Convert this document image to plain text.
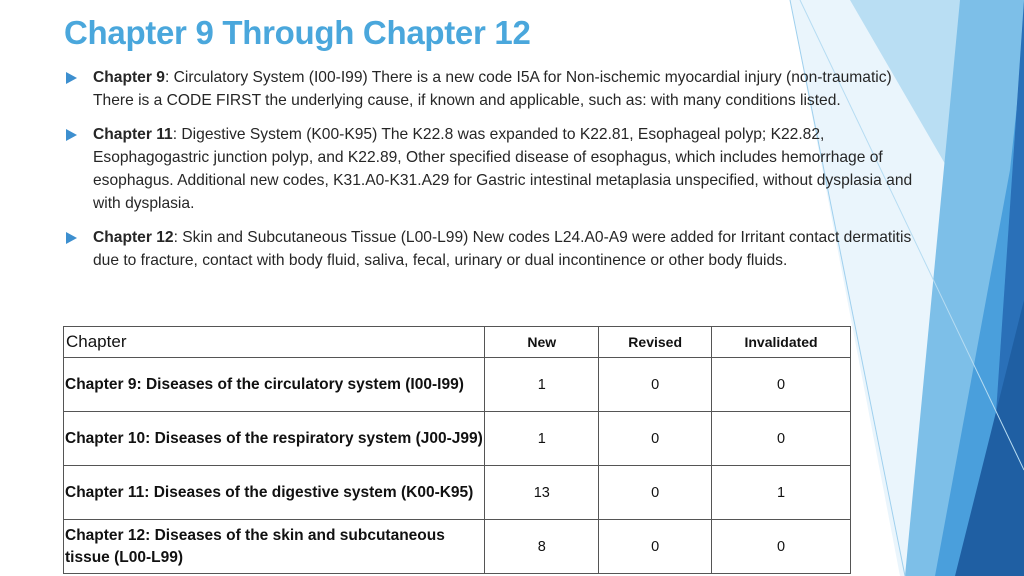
Chapter 9 Through Chapter 12
Chapter 9: Circulatory System (I00-I99) There is a new code I5A for Non-ischemic myocardial injury (non-traumatic) There is a CODE FIRST the underlying cause, if known and applicable, such as: with many conditions listed.
Chapter 11: Digestive System (K00-K95) The K22.8 was expanded to K22.81, Esophageal polyp; K22.82, Esophagogastric junction polyp, and K22.89, Other specified disease of esophagus, which includes hemorrhage of esophagus. Additional new codes, K31.A0-K31.A29 for Gastric intestinal metaplasia unspecified, without dysplasia and with dysplasia.
Chapter 12: Skin and Subcutaneous Tissue (L00-L99) New codes L24.A0-A9 were added for Irritant contact dermatitis due to fracture, contact with body fluid, saliva, fecal, urinary or dual incontinence or other body fluids.
Chapter	New	Revised	Invalidated
Chapter 9: Diseases of the circulatory system (I00-I99)	1	0	0
Chapter 10: Diseases of the respiratory system (J00-J99)	1	0	0
Chapter 11: Diseases of the digestive system (K00-K95)	13	0	1
Chapter 12: Diseases of the skin and subcutaneous tissue (L00-L99)	8	0	0
